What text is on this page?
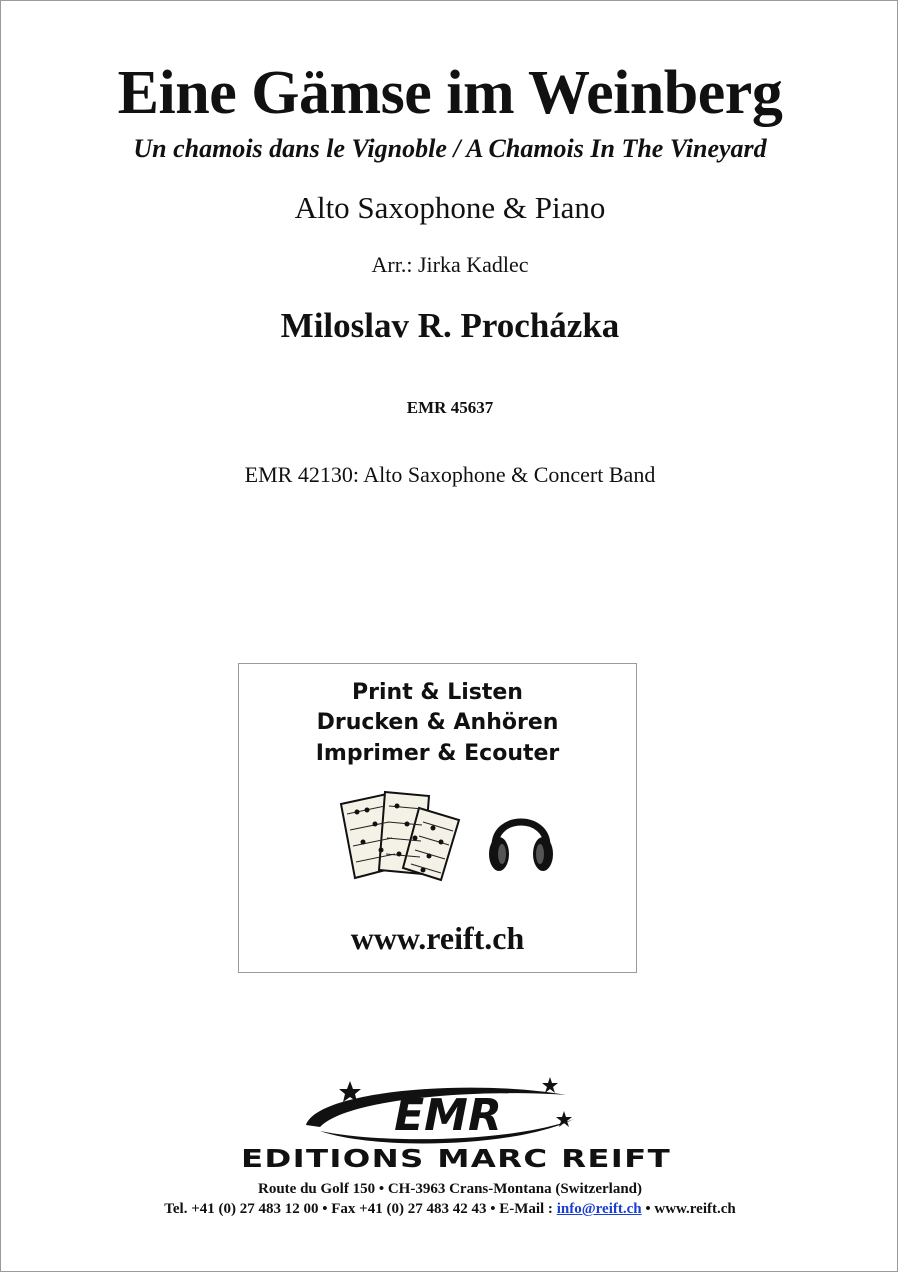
Eine Gämse im Weinberg
Un chamois dans le Vignoble / A Chamois In The Vineyard
Alto Saxophone & Piano
Arr.: Jirka Kadlec
Miloslav R. Procházka
EMR 45637
EMR 42130: Alto Saxophone & Concert Band
Print & Listen
Drucken & Anhören
Imprimer & Ecouter
www.reift.ch
EMR
EDITIONS MARC REIFT
Route du Golf 150 • CH-3963 Crans-Montana (Switzerland)
Tel. +41 (0) 27 483 12 00 • Fax +41 (0) 27 483 42 43 • E-Mail : info@reift.ch • www.reift.ch
